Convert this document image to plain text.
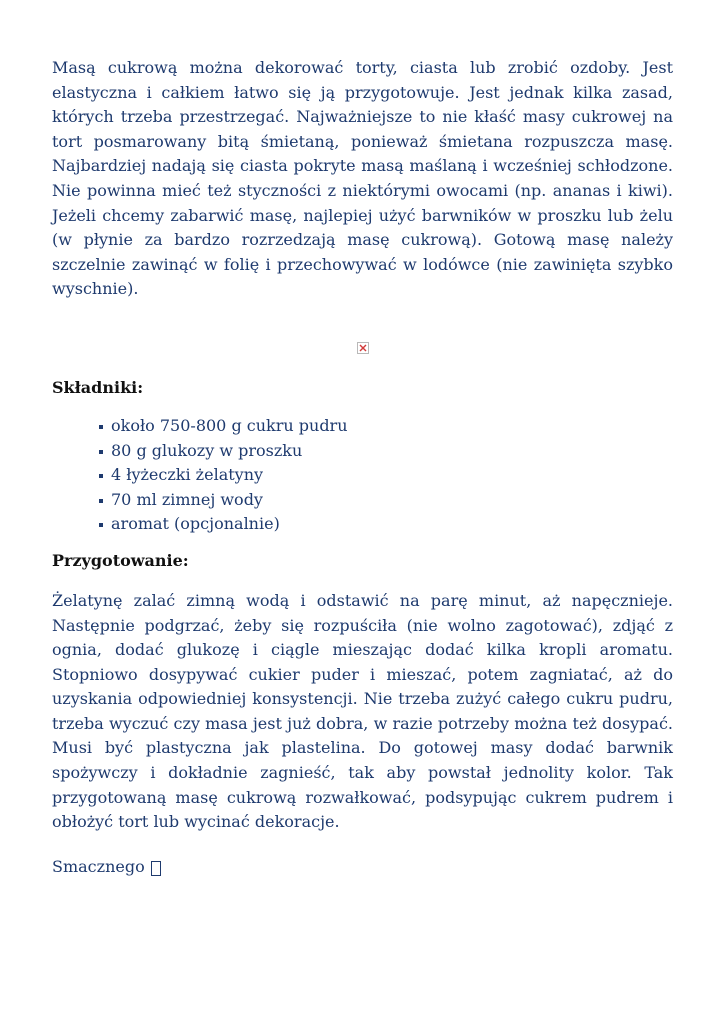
Masą cukrową można dekorować torty, ciasta lub zrobić ozdoby. Jest elastyczna i całkiem łatwo się ją przygotowuje. Jest jednak kilka zasad, których trzeba przestrzegać. Najważniejsze to nie kłaść masy cukrowej na tort posmarowany bitą śmietaną, ponieważ śmietana rozpuszcza masę. Najbardziej nadają się ciasta pokryte masą maślaną i wcześniej schłodzone. Nie powinna mieć też styczności z niektórymi owocami (np. ananas i kiwi). Jeżeli chcemy zabarwić masę, najlepiej użyć barwników w proszku lub żelu (w płynie za bardzo rozrzedzają masę cukrową). Gotową masę należy szczelnie zawinąć w folię i przechowywać w lodówce (nie zawinięta szybko wyschnie).

Składniki:
około 750-800 g cukru pudru
80 g glukozy w proszku
4 łyżeczki żelatyny
70 ml zimnej wody
aromat (opcjonalnie)
Przygotowanie:

Żelatynę zalać zimną wodą i odstawić na parę minut, aż napęcznieje. Następnie podgrzać, żeby się rozpuściła (nie wolno zagotować), zdjąć z ognia, dodać glukozę i ciągle mieszając dodać kilka kropli aromatu. Stopniowo dosypywać cukier puder i mieszać, potem zagniatać, aż do uzyskania odpowiedniej konsystencji. Nie trzeba zużyć całego cukru pudru, trzeba wyczuć czy masa jest już dobra, w razie potrzeby można też dosypać. Musi być plastyczna jak plastelina. Do gotowej masy dodać barwnik spożywczy i dokładnie zagnieść, tak aby powstał jednolity kolor. Tak przygotowaną masę cukrową rozwałkować, podsypując cukrem pudrem i obłożyć tort lub wycinać dekoracje.

Smacznego
